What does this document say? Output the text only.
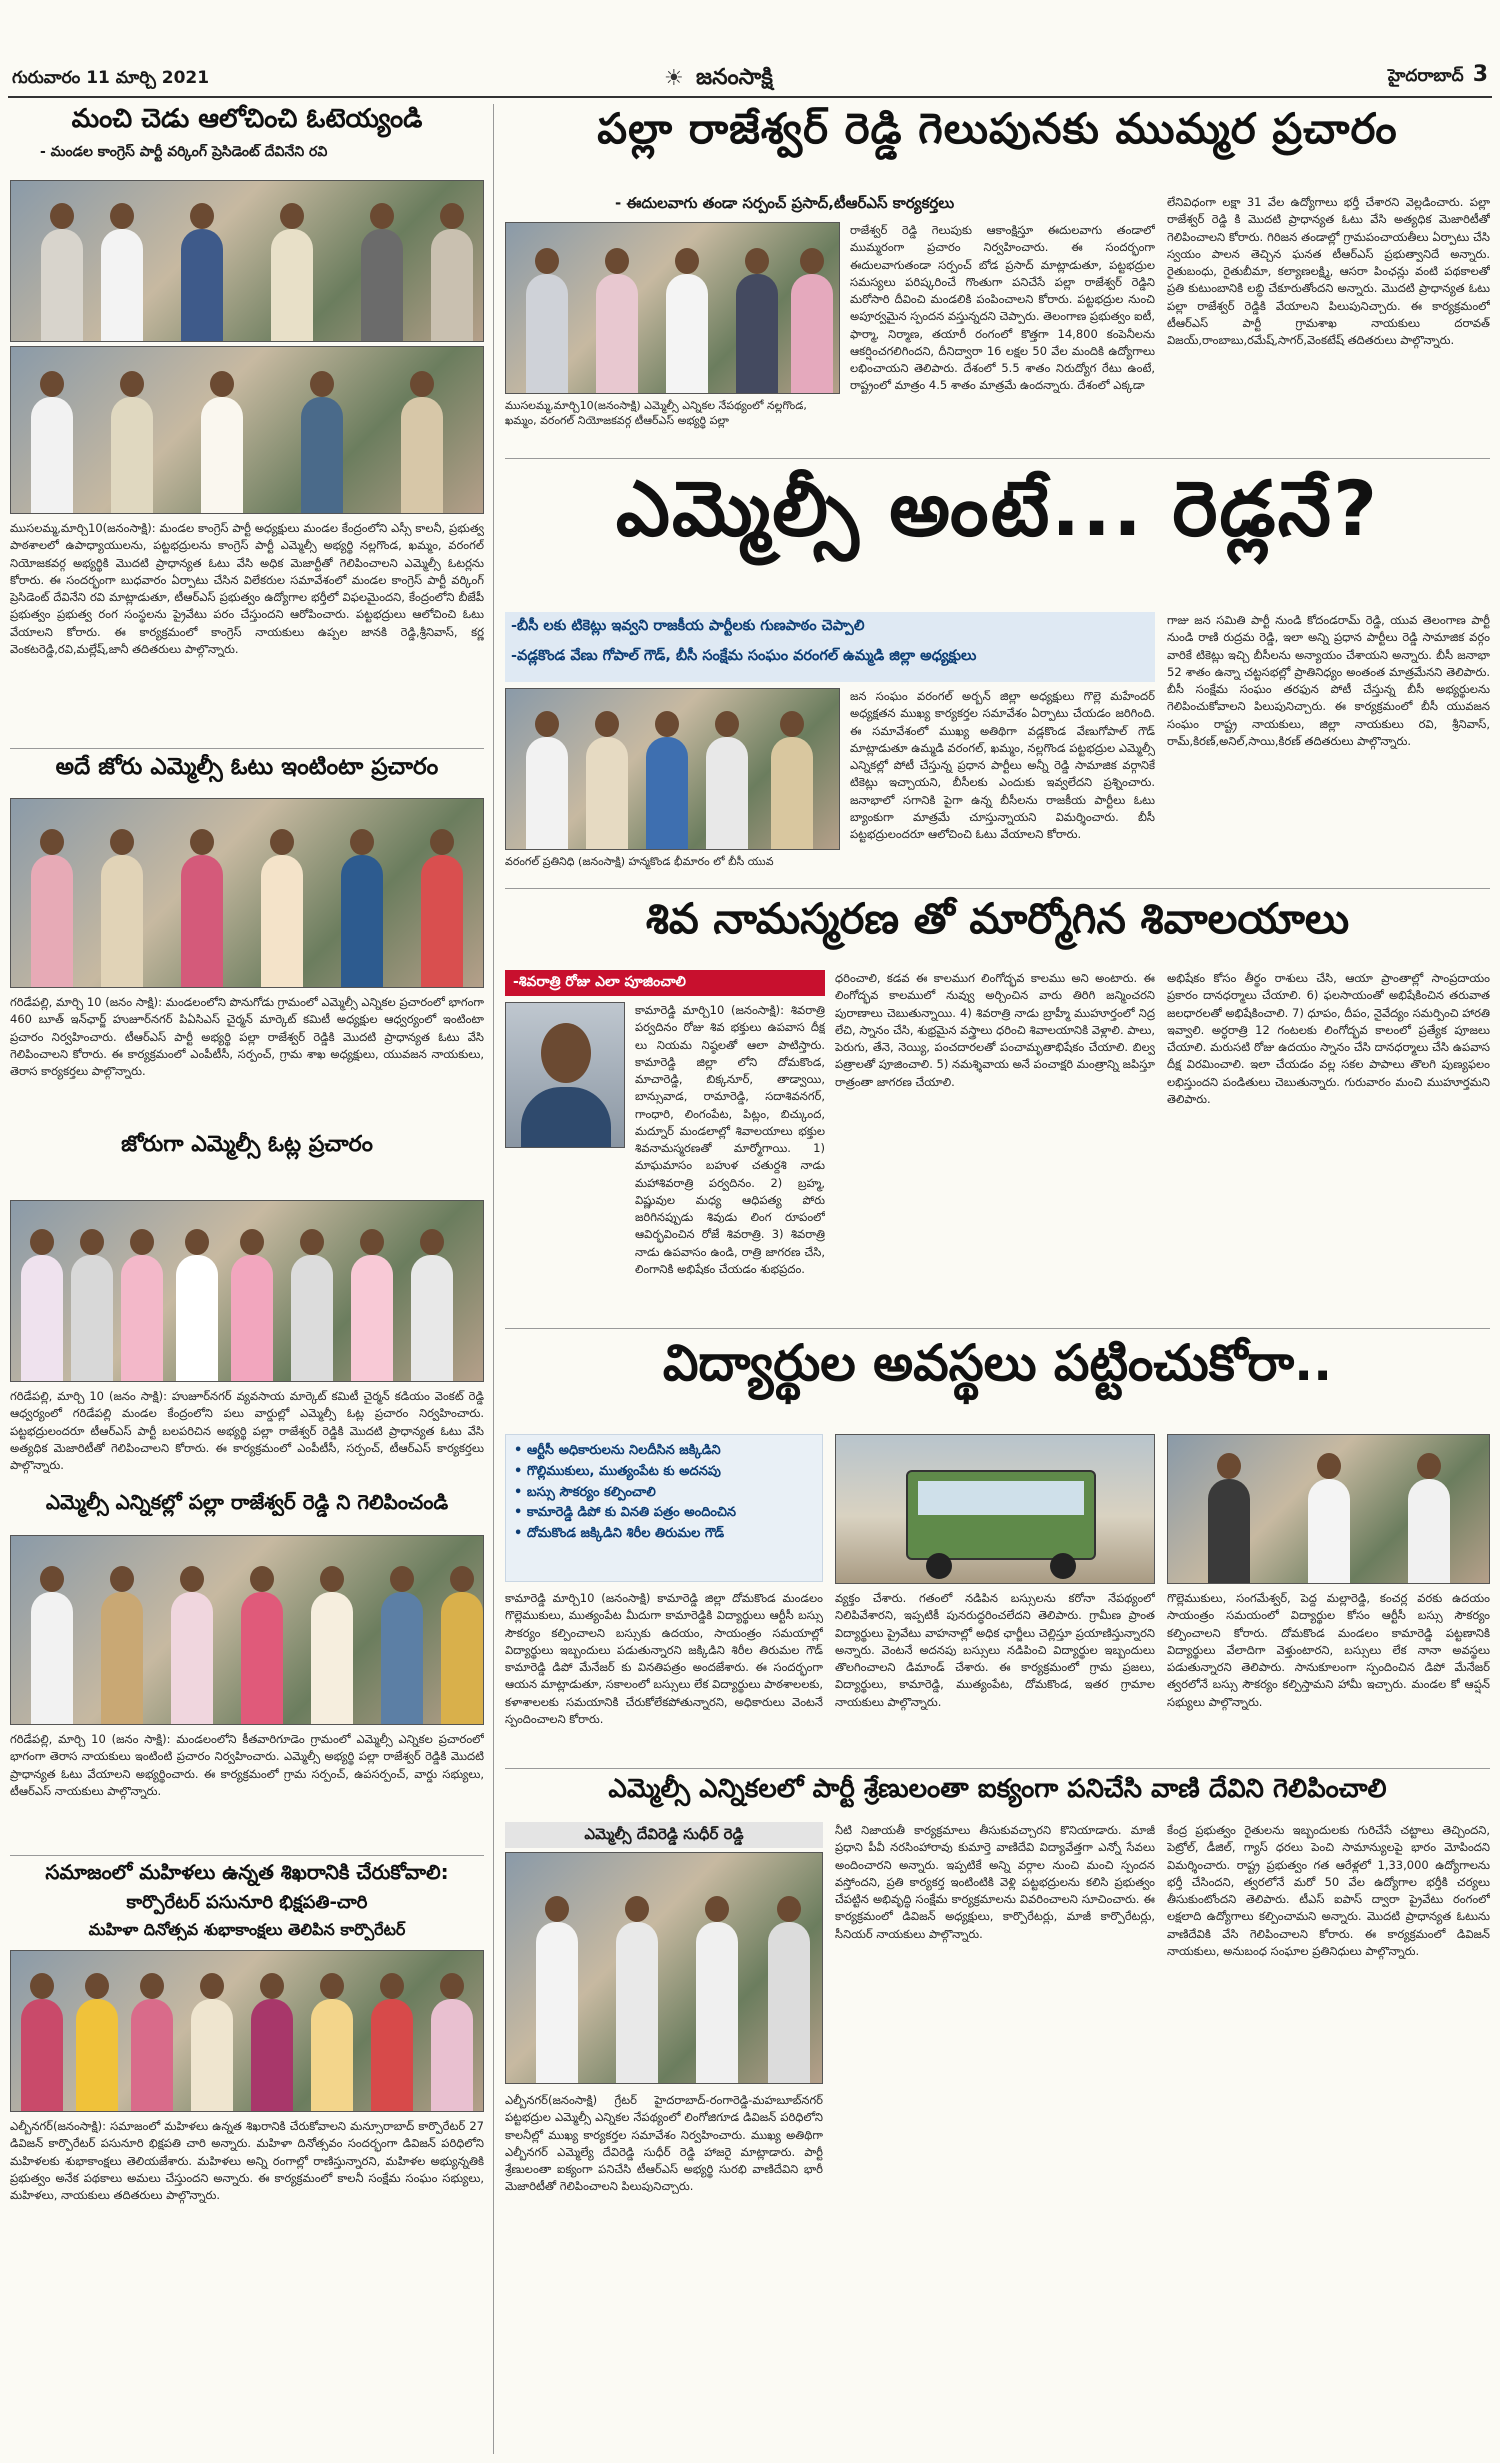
గురువారం 11 మార్చి 2021	☀ జనంసాక్షి	హైదరాబాద్ 3
మంచి చెడు ఆలోచించి ఓటెయ్యండి
- మండల కాంగ్రెస్ పార్టీ వర్కింగ్ ప్రెసిడెంట్ దేవినేని రవి
ముసలమ్మ,మార్చి10(జనంసాక్షి): మండల కాంగ్రెస్ పార్టీ అధ్యక్షులు మండల కేంద్రంలోని ఎస్సీ కాలనీ, ప్రభుత్వ పాఠశాలలో ఉపాధ్యాయులను, పట్టభద్రులను కాంగ్రెస్ పార్టీ ఎమ్మెల్సీ అభ్యర్థి నల్లగొండ, ఖమ్మం, వరంగల్ నియోజకవర్గ అభ్యర్థికి మొదటి ప్రాధాన్యత ఓటు వేసి అధిక మెజార్టీతో గెలిపించాలని ఎమ్మెల్సీ ఓటర్లను కోరారు. ఈ సందర్భంగా బుధవారం ఏర్పాటు చేసిన విలేకరుల సమావేశంలో మండల కాంగ్రెస్ పార్టీ వర్కింగ్ ప్రెసిడెంట్ దేవినేని రవి మాట్లాడుతూ, టీఆర్ఎస్ ప్రభుత్వం ఉద్యోగాల భర్తీలో విఫలమైందని, కేంద్రంలోని బీజేపీ ప్రభుత్వం ప్రభుత్వ రంగ సంస్థలను ప్రైవేటు పరం చేస్తుందని ఆరోపించారు. పట్టభద్రులు ఆలోచించి ఓటు వేయాలని కోరారు. ఈ కార్యక్రమంలో కాంగ్రెస్ నాయకులు ఉప్పల జానకి రెడ్డి,శ్రీనివాస్, కర్ణ వెంకటరెడ్డి,రవి,మల్లేష్,జానీ తదితరులు పాల్గొన్నారు.
అదే జోరు ఎమ్మెల్సీ ఓటు ఇంటింటా ప్రచారం
గరిడేపల్లి, మార్చి 10 (జనం సాక్షి): మండలంలోని పొనుగోడు గ్రామంలో ఎమ్మెల్సీ ఎన్నికల ప్రచారంలో భాగంగా 460 బూత్ ఇన్‌ఛార్జ్ హుజూర్‌నగర్ పిఏసిఎస్ చైర్మన్ మార్కెట్ కమిటీ అధ్యక్షుల ఆధ్వర్యంలో ఇంటింటా ప్రచారం నిర్వహించారు. టీఆర్ఎస్ పార్టీ అభ్యర్థి పల్లా రాజేశ్వర్ రెడ్డికి మొదటి ప్రాధాన్యత ఓటు వేసి గెలిపించాలని కోరారు. ఈ కార్యక్రమంలో ఎంపీటీసీ, సర్పంచ్, గ్రామ శాఖ అధ్యక్షులు, యువజన నాయకులు, తెరాస కార్యకర్తలు పాల్గొన్నారు.
జోరుగా ఎమ్మెల్సీ ఓట్ల ప్రచారం
గరిడేపల్లి, మార్చి 10 (జనం సాక్షి): హుజూర్‌నగర్ వ్యవసాయ మార్కెట్ కమిటీ చైర్మన్ కడియం వెంకట్ రెడ్డి ఆధ్వర్యంలో గరిడేపల్లి మండల కేంద్రంలోని పలు వార్డుల్లో ఎమ్మెల్సీ ఓట్ల ప్రచారం నిర్వహించారు. పట్టభద్రులందరూ టీఆర్ఎస్ పార్టీ బలపరిచిన అభ్యర్థి పల్లా రాజేశ్వర్ రెడ్డికి మొదటి ప్రాధాన్యత ఓటు వేసి అత్యధిక మెజారిటీతో గెలిపించాలని కోరారు. ఈ కార్యక్రమంలో ఎంపీటీసీ, సర్పంచ్, టీఆర్ఎస్ కార్యకర్తలు పాల్గొన్నారు.
ఎమ్మెల్సీ ఎన్నికల్లో పల్లా రాజేశ్వర్ రెడ్డి ని గెలిపించండి
గరిడేపల్లి, మార్చి 10 (జనం సాక్షి): మండలంలోని కీతవారిగూడెం గ్రామంలో ఎమ్మెల్సీ ఎన్నికల ప్రచారంలో భాగంగా తెరాస నాయకులు ఇంటింటి ప్రచారం నిర్వహించారు. ఎమ్మెల్సీ అభ్యర్థి పల్లా రాజేశ్వర్ రెడ్డికి మొదటి ప్రాధాన్యత ఓటు వేయాలని అభ్యర్థించారు. ఈ కార్యక్రమంలో గ్రామ సర్పంచ్, ఉపసర్పంచ్, వార్డు సభ్యులు, టీఆర్ఎస్ నాయకులు పాల్గొన్నారు.
సమాజంలో మహిళలు ఉన్నత శిఖరానికి చేరుకోవాలి:
కార్పొరేటర్ పసునూరి భిక్షపతి-చారి
మహిళా దినోత్సవ శుభాకాంక్షలు తెలిపిన కార్పొరేటర్
ఎల్బీనగర్(జనంసాక్షి): సమాజంలో మహిళలు ఉన్నత శిఖరానికి చేరుకోవాలని మన్సూరాబాద్ కార్పొరేటర్ 27 డివిజన్ కార్పొరేటర్ పసునూరి భిక్షపతి చారి అన్నారు. మహిళా దినోత్సవం సందర్భంగా డివిజన్ పరిధిలోని మహిళలకు శుభాకాంక్షలు తెలియజేశారు. మహిళలు అన్ని రంగాల్లో రాణిస్తున్నారని, మహిళల అభ్యున్నతికి ప్రభుత్వం అనేక పథకాలు అమలు చేస్తుందని అన్నారు. ఈ కార్యక్రమంలో కాలనీ సంక్షేమ సంఘం సభ్యులు, మహిళలు, నాయకులు తదితరులు పాల్గొన్నారు.
పల్లా రాజేశ్వర్ రెడ్డి గెలుపునకు ముమ్మర ప్రచారం
- ఈదులవాగు తండా సర్పంచ్ ప్రసాద్,టీఆర్ఎస్ కార్యకర్తలు
ముసలమ్మ,మార్చి10(జనంసాక్షి) ఎమ్మెల్సీ ఎన్నికల నేపథ్యంలో నల్లగొండ, ఖమ్మం, వరంగల్ నియోజకవర్గ టీఆర్ఎస్ అభ్యర్థి పల్లా
రాజేశ్వర్ రెడ్డి గెలుపుకు ఆకాంక్షిస్తూ ఈదులవాగు తండాలో ముమ్మరంగా ప్రచారం నిర్వహించారు. ఈ సందర్భంగా ఈదులవాగుతండా సర్పంచ్ బోడ ప్రసాద్ మాట్లాడుతూ, పట్టభద్రుల సమస్యలు పరిష్కరించే గొంతుగా పనిచేసే పల్లా రాజేశ్వర్ రెడ్డిని మరోసారి దీవించి మండలికి పంపించాలని కోరారు. పట్టభద్రుల నుంచి అపూర్వమైన స్పందన వస్తున్నదని చెప్పారు. తెలంగాణ ప్రభుత్వం ఐటీ, ఫార్మా, నిర్మాణ, తయారీ రంగంలో కొత్తగా 14,800 కంపెనీలను ఆకర్షించగలిగిందని, దీనిద్వారా 16 లక్షల 50 వేల మందికి ఉద్యోగాలు లభించాయని తెలిపారు. దేశంలో 5.5 శాతం నిరుద్యోగ రేటు ఉంటే, రాష్ట్రంలో మాత్రం 4.5 శాతం మాత్రమే ఉందన్నారు. దేశంలో ఎక్కడా
లేనివిధంగా లక్షా 31 వేల ఉద్యోగాలు భర్తీ చేశారని వెల్లడించారు. పల్లా రాజేశ్వర్ రెడ్డి కి మొదటి ప్రాధాన్యత ఓటు వేసి అత్యధిక మెజారిటీతో గెలిపించాలని కోరారు. గిరిజన తండాల్లో గ్రామపంచాయతీలు ఏర్పాటు చేసి స్వయం పాలన తెచ్చిన ఘనత టీఆర్ఎస్ ప్రభుత్వానిదే అన్నారు. రైతుబంధు, రైతుబీమా, కల్యాణలక్ష్మి, ఆసరా పింఛన్లు వంటి పథకాలతో ప్రతి కుటుంబానికి లబ్ధి చేకూరుతోందని అన్నారు. మొదటి ప్రాధాన్యత ఓటు పల్లా రాజేశ్వర్ రెడ్డికి వేయాలని పిలుపునిచ్చారు. ఈ కార్యక్రమంలో టీఆర్ఎస్ పార్టీ గ్రామశాఖ నాయకులు దరావత్ విజయ్,రాంబాబు,రమేష్,సాగర్,వెంకటేష్ తదితరులు పాల్గొన్నారు.
ఎమ్మెల్సీ అంటే... రెడ్లనే?
-బీసీ లకు టికెట్లు ఇవ్వని రాజకీయ పార్టీలకు గుణపాఠం చెప్పాలి
-వడ్లకొండ వేణు గోపాల్ గౌడ్, బీసీ సంక్షేమ సంఘం వరంగల్ ఉమ్మడి జిల్లా అధ్యక్షులు
వరంగల్ ప్రతినిధి (జనంసాక్షి) హన్మకొండ భీమారం లో బీసీ యువ
జన సంఘం వరంగల్ అర్బన్ జిల్లా అధ్యక్షులు గొల్లె మహేందర్ అధ్యక్షతన ముఖ్య కార్యకర్తల సమావేశం ఏర్పాటు చేయడం జరిగింది. ఈ సమావేశంలో ముఖ్య అతిథిగా వడ్లకొండ వేణుగోపాల్ గౌడ్ మాట్లాడుతూ ఉమ్మడి వరంగల్, ఖమ్మం, నల్లగొండ పట్టభద్రుల ఎమ్మెల్సీ ఎన్నికల్లో పోటీ చేస్తున్న ప్రధాన పార్టీలు అన్నీ రెడ్డి సామాజిక వర్గానికే టికెట్లు ఇచ్చాయని, బీసీలకు ఎందుకు ఇవ్వలేదని ప్రశ్నించారు. జనాభాలో సగానికి పైగా ఉన్న బీసీలను రాజకీయ పార్టీలు ఓటు బ్యాంకుగా మాత్రమే చూస్తున్నాయని విమర్శించారు. బీసీ పట్టభద్రులందరూ ఆలోచించి ఓటు వేయాలని కోరారు.
గాజు జన సమితి పార్టీ నుండి కోదండరామ్ రెడ్డి, యువ తెలంగాణ పార్టీ నుండి రాణి రుద్రమ రెడ్డి, ఇలా అన్ని ప్రధాన పార్టీలు రెడ్డి సామాజిక వర్గం వారికే టికెట్లు ఇచ్చి బీసీలను అన్యాయం చేశాయని అన్నారు. బీసీ జనాభా 52 శాతం ఉన్నా చట్టసభల్లో ప్రాతినిధ్యం అంతంత మాత్రమేనని తెలిపారు. బీసీ సంక్షేమ సంఘం తరఫున పోటీ చేస్తున్న బీసీ అభ్యర్థులను గెలిపించుకోవాలని పిలుపునిచ్చారు. ఈ కార్యక్రమంలో బీసీ యువజన సంఘం రాష్ట్ర నాయకులు, జిల్లా నాయకులు రవి, శ్రీనివాస్, రామ్,కిరణ్,అనిల్,సాయి,కిరణ్ తదితరులు పాల్గొన్నారు.
శివ నామస్మరణ తో మార్మోగిన శివాలయాలు
-శివరాత్రి రోజు ఎలా పూజించాలి
కామారెడ్డి మార్చి10 (జనంసాక్షి): శివరాత్రి పర్వదినం రోజు శివ భక్తులు ఉపవాస దీక్ష లు నియమ నిష్ఠలతో ఆలా పాటిస్తారు. కామారెడ్డి జిల్లా లోని దోమకొండ, మాచారెడ్డి, బిక్కనూర్, తాడ్వాయి, బాన్సువాడ, రామారెడ్డి, సదాశివనగర్, గాంధారి, లింగంపేట, పిట్లం, బిచ్కుంద, మద్నూర్ మండలాల్లో శివాలయాలు భక్తుల శివనామస్మరణతో మార్మోగాయి. 1) మాఘమాసం బహుళ చతుర్దశి నాడు మహాశివరాత్రి పర్వదినం. 2) బ్రహ్మ, విష్ణువుల మధ్య ఆధిపత్య పోరు జరిగినప్పుడు శివుడు లింగ రూపంలో ఆవిర్భవించిన రోజే శివరాత్రి. 3) శివరాత్రి నాడు ఉపవాసం ఉండి, రాత్రి జాగరణ చేసి, లింగానికి అభిషేకం చేయడం శుభప్రదం.
ధరించాలి, కడవ ఈ కాలముగ లింగోద్భవ కాలము అని అంటారు. ఈ లింగోద్భవ కాలములో నువ్వు అర్చించిన వారు తిరిగి జన్మించరని పురాణాలు చెబుతున్నాయి. 4) శివరాత్రి నాడు బ్రాహ్మీ ముహూర్తంలో నిద్ర లేచి, స్నానం చేసి, శుభ్రమైన వస్త్రాలు ధరించి శివాలయానికి వెళ్లాలి. పాలు, పెరుగు, తేనె, నెయ్యి, పంచదారలతో పంచామృతాభిషేకం చేయాలి. బిల్వ పత్రాలతో పూజించాలి. 5) నమశ్శివాయ అనే పంచాక్షరి మంత్రాన్ని జపిస్తూ రాత్రంతా జాగరణ చేయాలి.
అభిషేకం కోసం తీర్థం రాశులు చేసి, ఆయా ప్రాంతాల్లో సాంప్రదాయం ప్రకారం దానధర్మాలు చేయాలి. 6) ఫలసాయంతో అభిషేకించిన తరువాత జలధారలతో అభిషేకించాలి. 7) ధూపం, దీపం, నైవేద్యం సమర్పించి హారతి ఇవ్వాలి. అర్ధరాత్రి 12 గంటలకు లింగోద్భవ కాలంలో ప్రత్యేక పూజలు చేయాలి. మరుసటి రోజు ఉదయం స్నానం చేసి దానధర్మాలు చేసి ఉపవాస దీక్ష విరమించాలి. ఇలా చేయడం వల్ల సకల పాపాలు తొలగి పుణ్యఫలం లభిస్తుందని పండితులు చెబుతున్నారు. గురువారం మంచి ముహూర్తమని తెలిపారు.
విద్యార్థుల అవస్థలు పట్టించుకోరా..
• ఆర్టీసీ అధికారులను నిలదీసిన జక్కిడిని
• గొల్లిముకులు, ముత్యంపేట కు అదనపు
• బస్సు సౌకర్యం కల్పించాలి
• కామారెడ్డి డిపో కు వినతి పత్రం అందించిన
• దోమకొండ జక్కిడిని శిరీల తిరుమల గౌడ్
కామారెడ్డి మార్చి10 (జనంసాక్షి) కామారెడ్డి జిల్లా దోమకొండ మండలం గొల్లెముకులు, ముత్యంపేట మీదుగా కామారెడ్డికి విద్యార్థులు ఆర్టీసీ బస్సు సౌకర్యం కల్పించాలని బస్సుకు ఉదయం, సాయంత్రం సమయాల్లో విద్యార్థులు ఇబ్బందులు పడుతున్నారని జక్కిడిని శిరీల తిరుమల గౌడ్ కామారెడ్డి డిపో మేనేజర్ కు వినతిపత్రం అందజేశారు. ఈ సందర్భంగా ఆయన మాట్లాడుతూ, సకాలంలో బస్సులు లేక విద్యార్థులు పాఠశాలలకు, కళాశాలలకు సమయానికి చేరుకోలేకపోతున్నారని, అధికారులు వెంటనే స్పందించాలని కోరారు.
వ్యక్తం చేశారు. గతంలో నడిపిన బస్సులను కరోనా నేపథ్యంలో నిలిపివేశారని, ఇప్పటికీ పునరుద్ధరించలేదని తెలిపారు. గ్రామీణ ప్రాంత విద్యార్థులు ప్రైవేటు వాహనాల్లో అధిక ఛార్జీలు చెల్లిస్తూ ప్రయాణిస్తున్నారని అన్నారు. వెంటనే అదనపు బస్సులు నడిపించి విద్యార్థుల ఇబ్బందులు తొలగించాలని డిమాండ్ చేశారు. ఈ కార్యక్రమంలో గ్రామ ప్రజలు, విద్యార్థులు, కామారెడ్డి, ముత్యంపేట, దోమకొండ, ఇతర గ్రామాల నాయకులు పాల్గొన్నారు.
గొల్లెముకులు, సంగమేశ్వర్, పెద్ద మల్లారెడ్డి, కంచర్ల వరకు ఉదయం సాయంత్రం సమయంలో విద్యార్థుల కోసం ఆర్టీసీ బస్సు సౌకర్యం కల్పించాలని కోరారు. దోమకొండ మండలం కామారెడ్డి పట్టణానికి విద్యార్థులు వేలాదిగా వెళ్తుంటారని, బస్సులు లేక నానా అవస్థలు పడుతున్నారని తెలిపారు. సానుకూలంగా స్పందించిన డిపో మేనేజర్ త్వరలోనే బస్సు సౌకర్యం కల్పిస్తామని హామీ ఇచ్చారు. మండల కో ఆప్షన్ సభ్యులు పాల్గొన్నారు.
ఎమ్మెల్సీ ఎన్నికలలో పార్టీ శ్రేణులంతా ఐక్యంగా పనిచేసి వాణి దేవిని గెలిపించాలి
ఎమ్మెల్సీ దేవిరెడ్డి సుధీర్ రెడ్డి
ఎల్బీనగర్(జనంసాక్షి) గ్రేటర్ హైదరాబాద్-రంగారెడ్డి-మహబూబ్‌నగర్ పట్టభద్రుల ఎమ్మెల్సీ ఎన్నికల నేపథ్యంలో లింగోజిగూడ డివిజన్ పరిధిలోని కాలనీల్లో ముఖ్య కార్యకర్తల సమావేశం నిర్వహించారు. ముఖ్య అతిథిగా ఎల్బీనగర్ ఎమ్మెల్యే దేవిరెడ్డి సుధీర్ రెడ్డి హాజరై మాట్లాడారు. పార్టీ శ్రేణులంతా ఐక్యంగా పనిచేసి టీఆర్ఎస్ అభ్యర్థి సురభి వాణిదేవిని భారీ మెజారిటీతో గెలిపించాలని పిలుపునిచ్చారు.
నీటి నిజాయతీ కార్యక్రమాలు తీసుకువచ్చారని కొనియాడారు. మాజీ ప్రధాని పీవీ నరసింహారావు కుమార్తె వాణిదేవి విద్యావేత్తగా ఎన్నో సేవలు అందించారని అన్నారు. ఇప్పటికే అన్ని వర్గాల నుంచి మంచి స్పందన వస్తోందని, ప్రతి కార్యకర్త ఇంటింటికి వెళ్లి పట్టభద్రులను కలిసి ప్రభుత్వం చేపట్టిన అభివృద్ధి సంక్షేమ కార్యక్రమాలను వివరించాలని సూచించారు. ఈ కార్యక్రమంలో డివిజన్ అధ్యక్షులు, కార్పొరేటర్లు, మాజీ కార్పొరేటర్లు, సీనియర్ నాయకులు పాల్గొన్నారు.
కేంద్ర ప్రభుత్వం రైతులను ఇబ్బందులకు గురిచేసే చట్టాలు తెచ్చిందని, పెట్రోల్, డీజిల్, గ్యాస్ ధరలు పెంచి సామాన్యులపై భారం మోపిందని విమర్శించారు. రాష్ట్ర ప్రభుత్వం గత ఆరేళ్లలో 1,33,000 ఉద్యోగాలను భర్తీ చేసిందని, త్వరలోనే మరో 50 వేల ఉద్యోగాల భర్తీకి చర్యలు తీసుకుంటోందని తెలిపారు. టీఎస్ ఐపాస్ ద్వారా ప్రైవేటు రంగంలో లక్షలాది ఉద్యోగాలు కల్పించామని అన్నారు. మొదటి ప్రాధాన్యత ఓటును వాణిదేవికి వేసి గెలిపించాలని కోరారు. ఈ కార్యక్రమంలో డివిజన్ నాయకులు, అనుబంధ సంఘాల ప్రతినిధులు పాల్గొన్నారు.
